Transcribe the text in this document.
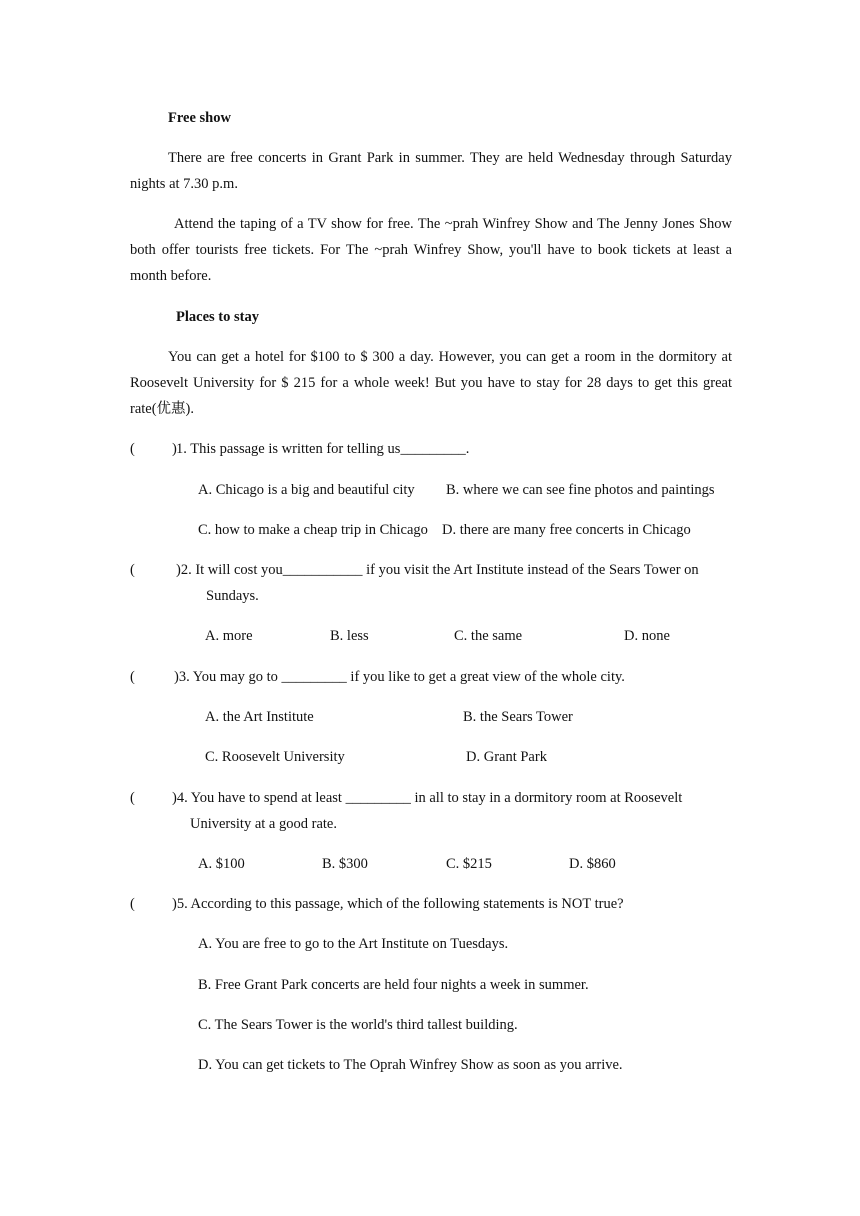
Free show
There are free concerts in Grant Park in summer. They are held Wednesday through Saturday nights at 7.30 p.m.
Attend the taping of a TV show for free. The ~prah Winfrey Show and The Jenny Jones Show both offer tourists free tickets. For The ~prah Winfrey Show, you'll have to book tickets at least a month before.
Places to stay
You can get a hotel for $100 to $ 300 a day. However, you can get a room in the dormitory at Roosevelt University for $ 215 for a whole week! But you have to stay for 28 days to get this great rate(优惠).
(	) 1. This passage is written for telling us_________.
A. Chicago is a big and beautiful city B. where we can see fine photos and paintings
C. how to make a cheap trip in Chicago D. there are many free concerts in Chicago
(	)2. It will cost you___________ if you visit the Art Institute instead of the Sears Tower on
Sundays.
A. more	B. less	C. the same	D. none
(	)3. You may go to _________ if you like to get a great view of the whole city.
A. the Art Institute	B. the Sears Tower
C. Roosevelt University	D. Grant Park
(	)4. You have to spend at least _________ in all to stay in a dormitory room at Roosevelt
University at a good rate.
A. $100	B. $300	C. $215	D. $860
(	)5. According to this passage, which of the following statements is NOT true?
A. You are free to go to the Art Institute on Tuesdays.
B. Free Grant Park concerts are held four nights a week in summer.
C. The Sears Tower is the world's third tallest building.
D. You can get tickets to The Oprah Winfrey Show as soon as you arrive.
